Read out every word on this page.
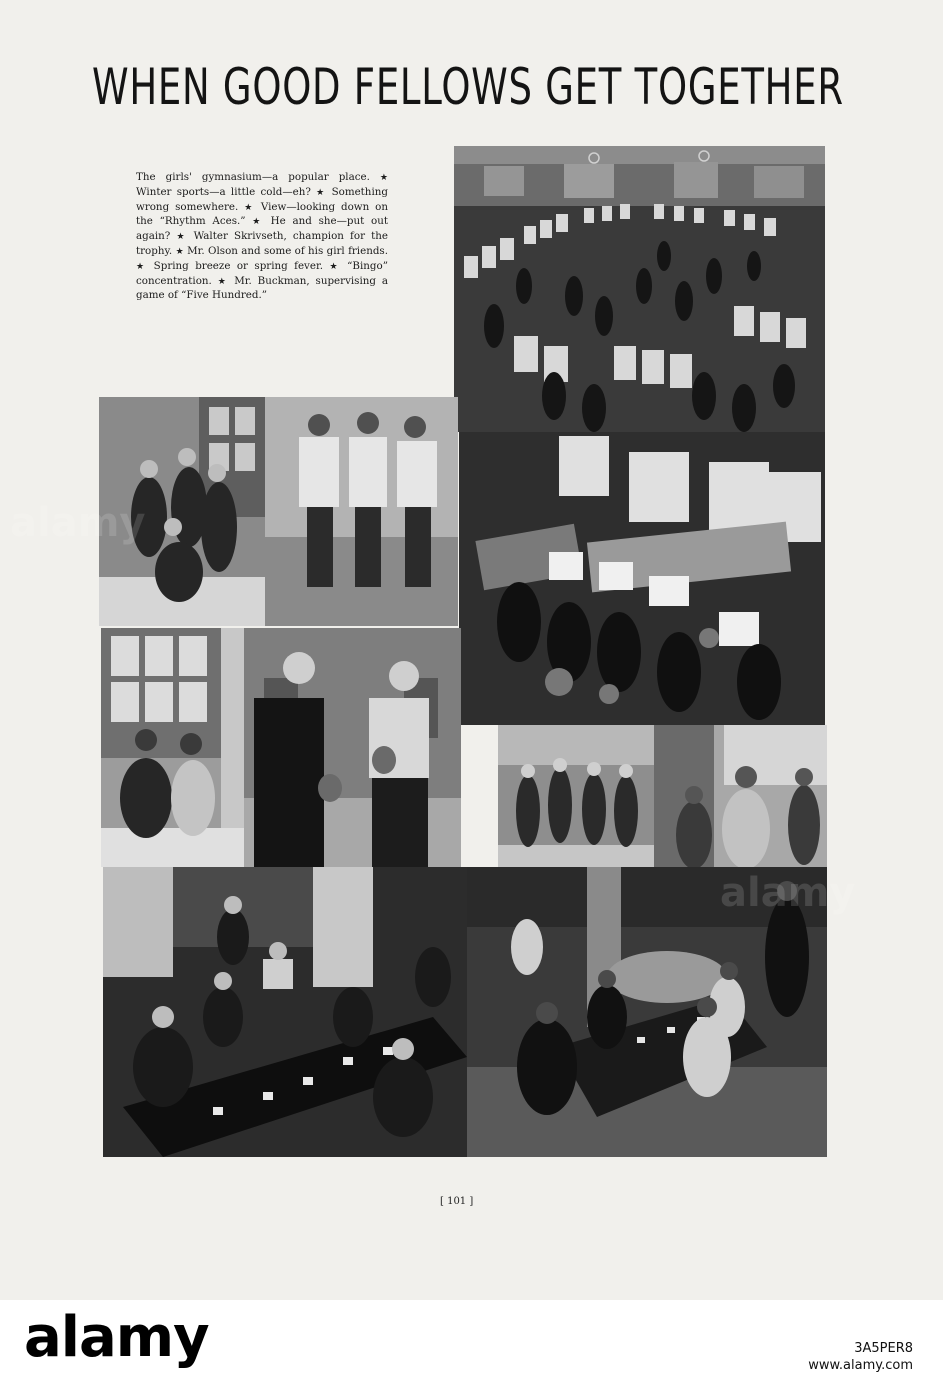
WHEN GOOD FELLOWS GET TOGETHER

The girls' gymnasium—a popular place. ★ Winter sports—a little cold—eh? ★ Something wrong somewhere. ★ View—looking down on the “Rhythm Aces.” ★ He and she—put out again? ★ Walter Skrivseth, champion for the trophy. ★ Mr. Olson and some of his girl friends. ★ Spring breeze or spring fever. ★ “Bingo” concentration. ★ Mr. Buckman, supervising a game of “Five Hundred.”

[ 101 ]

alamy

alamy	3A5PER8
www.alamy.com
